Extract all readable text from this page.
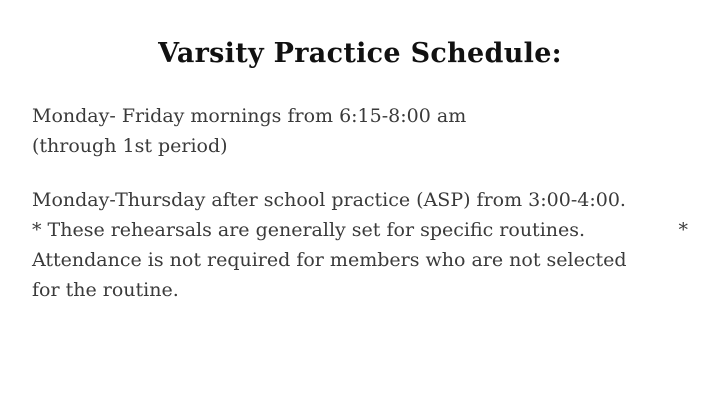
Varsity Practice Schedule:

Monday- Friday mornings from 6:15-8:00 am
(through 1st period)

Monday-Thursday after school practice (ASP) from 3:00-4:00.
* These rehearsals are generally set for specific routines.	*
Attendance is not required for members who are not selected
for the routine.
